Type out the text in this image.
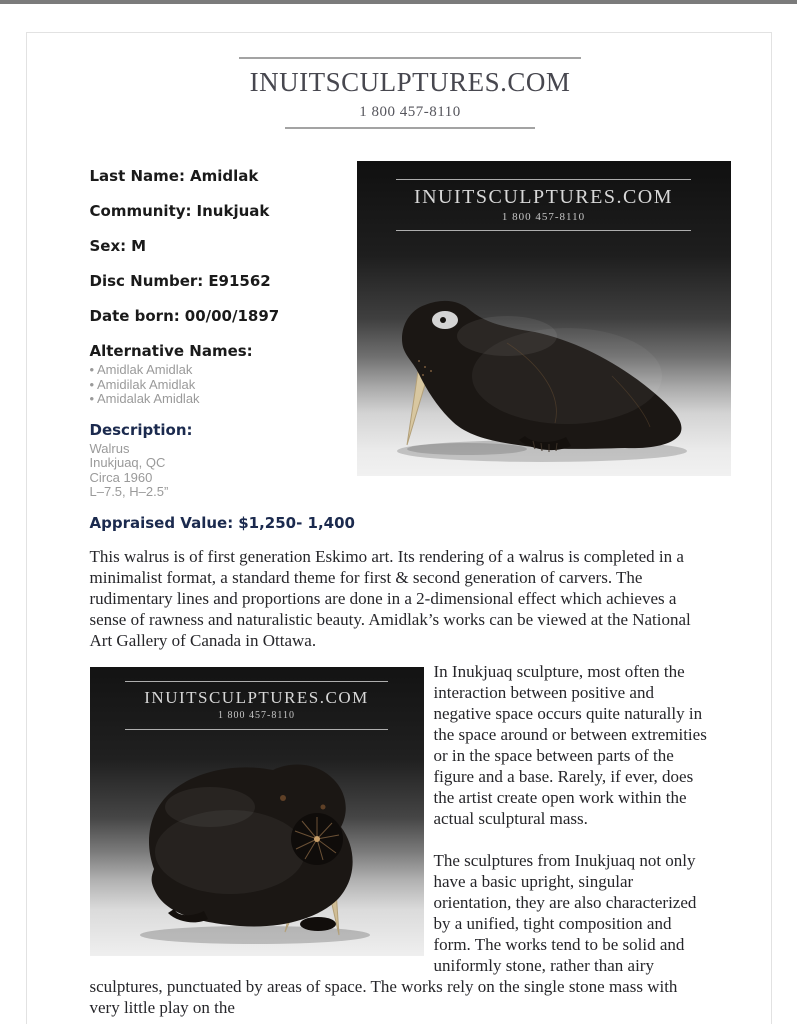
INUITSCULPTURES.COM
1 800 457-8110

Last Name: Amidlak

Community: Inukjuak

Sex: M

Disc Number: E91562

Date born: 00/00/1897

Alternative Names:

• Amidlak Amidlak
• Amidilak Amidlak
• Amidalak Amidlak

Description:

Walrus
Inukjuaq, QC
Circa 1960
L–7.5, H–2.5”
INUITSCULPTURES.COM
1 800 457-8110

Appraised Value: $1,250- 1,400

This walrus is of first generation Eskimo art. Its rendering of a walrus is completed in a minimalist format, a standard theme for first & second generation of carvers. The rudimentary lines and proportions are done in a 2-dimensional effect which achieves a sense of rawness and naturalistic beauty. Amidlak’s works can be viewed at the National Art Gallery of Canada in Ottawa.

INUITSCULPTURES.COM
1 800 457-8110

In Inukjuaq sculpture, most often the interaction between positive and negative space occurs quite naturally in the space around or between extremities or in the space between parts of the figure and a base. Rarely, if ever, does the artist create open work within the actual sculptural mass.

The sculptures from Inukjuaq not only have a basic upright, singular orientation, they are also characterized by a unified, tight composition and form. The works tend to be solid and uniformly stone, rather than airy sculptures, punctuated by areas of space. The works rely on the single stone mass with very little play on the
